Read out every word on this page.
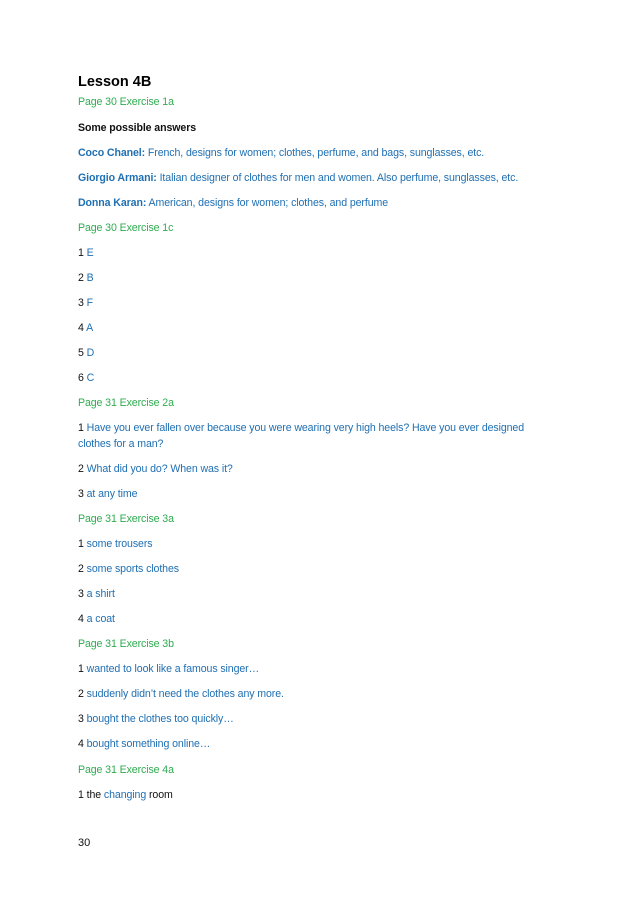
Lesson 4B
Page 30 Exercise 1a
Some possible answers
Coco Chanel: French, designs for women; clothes, perfume, and bags, sunglasses, etc.
Giorgio Armani: Italian designer of clothes for men and women. Also perfume, sunglasses, etc.
Donna Karan: American, designs for women; clothes, and perfume
Page 30 Exercise 1c
1 E
2 B
3 F
4 A
5 D
6 C
Page 31 Exercise 2a
1 Have you ever fallen over because you were wearing very high heels? Have you ever designed clothes for a man?
2 What did you do? When was it?
3 at any time
Page 31 Exercise 3a
1 some trousers
2 some sports clothes
3 a shirt
4 a coat
Page 31 Exercise 3b
1 wanted to look like a famous singer…
2 suddenly didn’t need the clothes any more.
3 bought the clothes too quickly…
4 bought something online…
Page 31 Exercise 4a
1 the changing room
30
